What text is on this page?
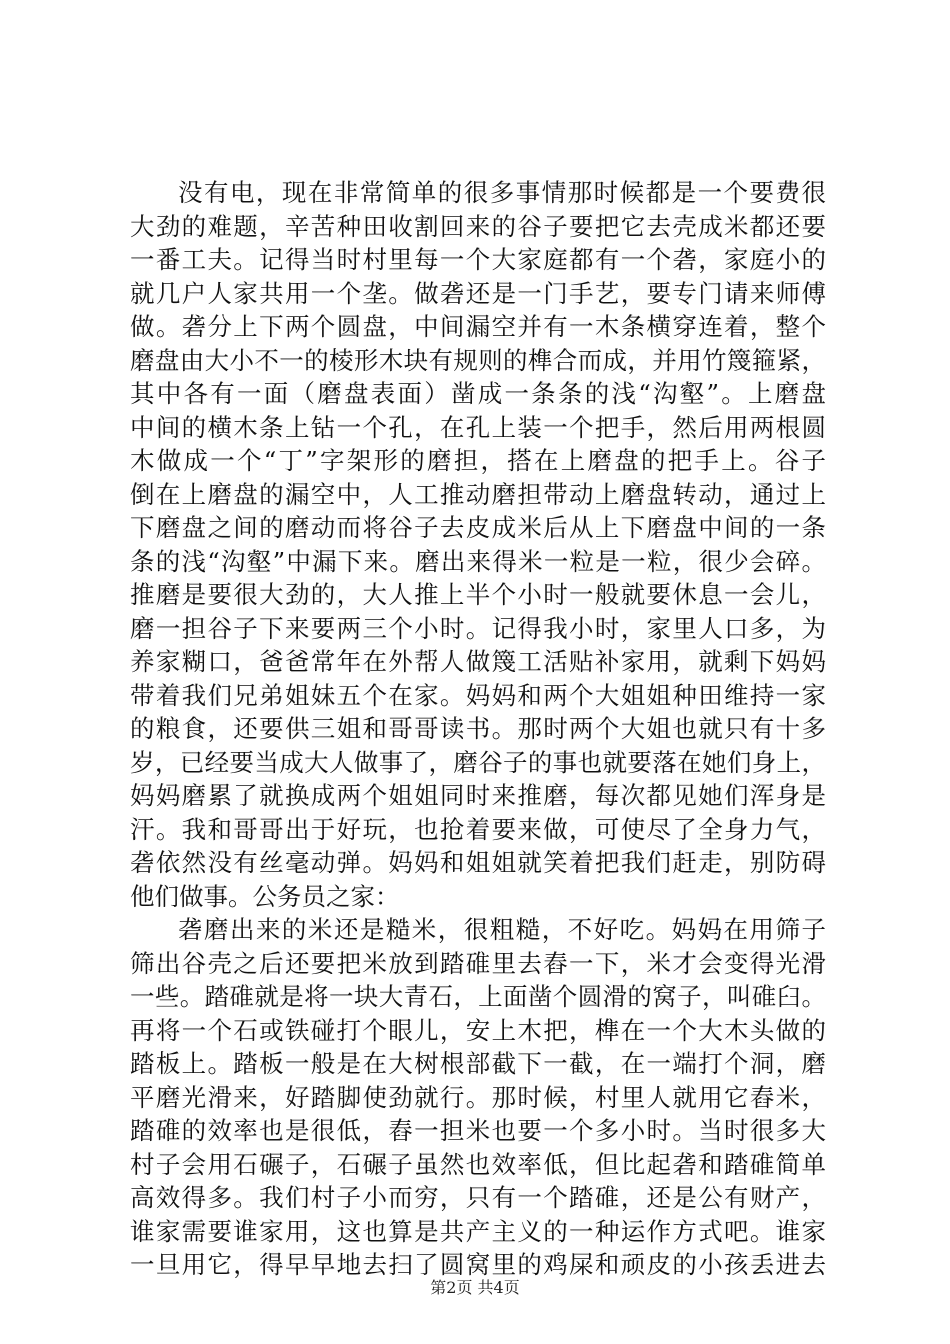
没有电，现在非常简单的很多事情那时候都是一个要费很
大劲的难题，辛苦种田收割回来的谷子要把它去壳成米都还要
一番工夫。记得当时村里每一个大家庭都有一个砻，家庭小的
就几户人家共用一个垄。做砻还是一门手艺，要专门请来师傅
做。砻分上下两个圆盘，中间漏空并有一木条横穿连着，整个
磨盘由大小不一的棱形木块有规则的榫合而成，并用竹篾箍紧，
其中各有一面（磨盘表面）凿成一条条的浅“沟壑”。上磨盘
中间的横木条上钻一个孔，在孔上装一个把手，然后用两根圆
木做成一个“丁”字架形的磨担，搭在上磨盘的把手上。谷子
倒在上磨盘的漏空中，人工推动磨担带动上磨盘转动，通过上
下磨盘之间的磨动而将谷子去皮成米后从上下磨盘中间的一条
条的浅“沟壑”中漏下来。磨出来得米一粒是一粒，很少会碎。
推磨是要很大劲的，大人推上半个小时一般就要休息一会儿，
磨一担谷子下来要两三个小时。记得我小时，家里人口多，为
养家糊口，爸爸常年在外帮人做篾工活贴补家用，就剩下妈妈
带着我们兄弟姐妹五个在家。妈妈和两个大姐姐种田维持一家
的粮食，还要供三姐和哥哥读书。那时两个大姐也就只有十多
岁，已经要当成大人做事了，磨谷子的事也就要落在她们身上，
妈妈磨累了就换成两个姐姐同时来推磨，每次都见她们浑身是
汗。我和哥哥出于好玩，也抢着要来做，可使尽了全身力气，
砻依然没有丝毫动弹。妈妈和姐姐就笑着把我们赶走，别防碍
他们做事。公务员之家：
砻磨出来的米还是糙米，很粗糙，不好吃。妈妈在用筛子
筛出谷壳之后还要把米放到踏碓里去舂一下，米才会变得光滑
一些。踏碓就是将一块大青石，上面凿个圆滑的窝子，叫碓臼。
再将一个石或铁碰打个眼儿，安上木把，榫在一个大木头做的
踏板上。踏板一般是在大树根部截下一截，在一端打个洞，磨
平磨光滑来，好踏脚使劲就行。那时候，村里人就用它舂米，
踏碓的效率也是很低，舂一担米也要一个多小时。当时很多大
村子会用石碾子，石碾子虽然也效率低，但比起砻和踏碓简单
高效得多。我们村子小而穷，只有一个踏碓，还是公有财产，
谁家需要谁家用，这也算是共产主义的一种运作方式吧。谁家
一旦用它，得早早地去扫了圆窝里的鸡屎和顽皮的小孩丢进去
第2页 共4页
